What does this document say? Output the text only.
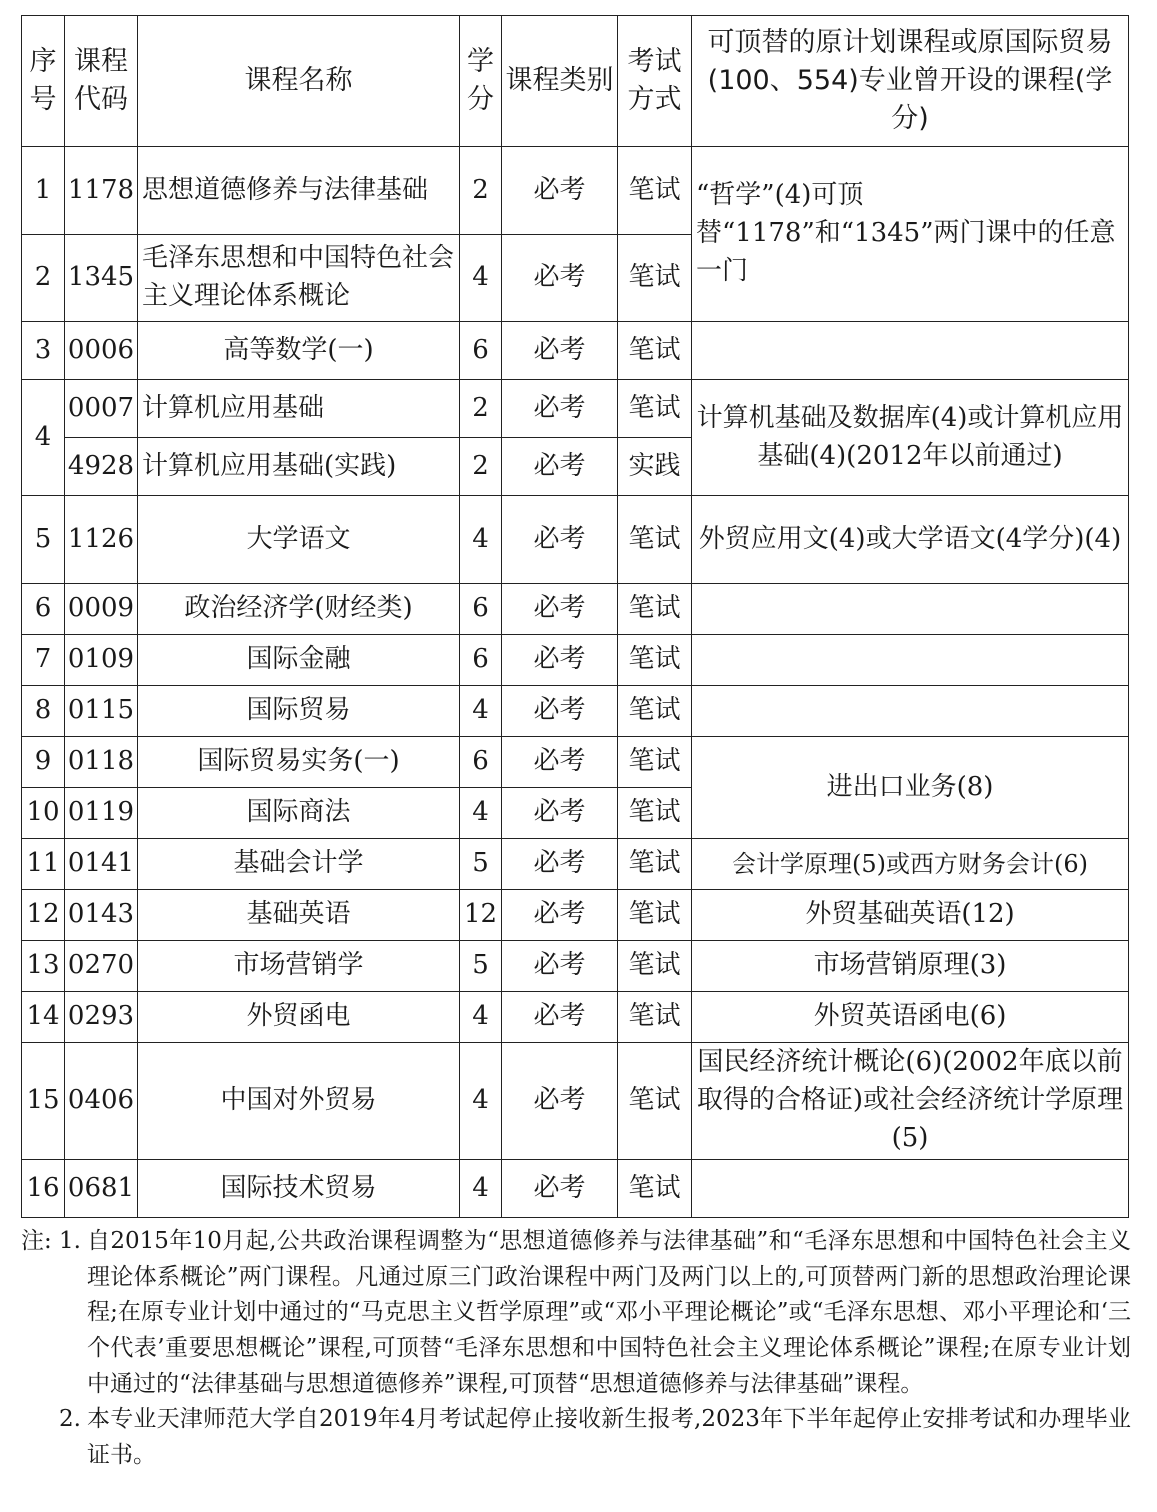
序号	课程代码	课程名称	学分	课程类别	考试方式	可顶替的原计划课程或原国际贸易(100、554)专业曾开设的课程(学分)
1	1178	思想道德修养与法律基础	2	必考	笔试	“哲学”(4)可顶替“1178”和“1345”两门课中的任意一门
2	1345	毛泽东思想和中国特色社会主义理论体系概论	4	必考	笔试	
3	0006	高等数学(一)	6	必考	笔试	
4	0007	计算机应用基础	2	必考	笔试	计算机基础及数据库(4)或计算机应用基础(4)(2012年以前通过)
	4928	计算机应用基础(实践)	2	必考	实践	
5	1126	大学语文	4	必考	笔试	外贸应用文(4)或大学语文(4学分)(4)
6	0009	政治经济学(财经类)	6	必考	笔试	
7	0109	国际金融	6	必考	笔试	
8	0115	国际贸易	4	必考	笔试	
9	0118	国际贸易实务(一)	6	必考	笔试	进出口业务(8)
10	0119	国际商法	4	必考	笔试	
11	0141	基础会计学	5	必考	笔试	会计学原理(5)或西方财务会计(6)
12	0143	基础英语	12	必考	笔试	外贸基础英语(12)
13	0270	市场营销学	5	必考	笔试	市场营销原理(3)
14	0293	外贸函电	4	必考	笔试	外贸英语函电(6)
15	0406	中国对外贸易	4	必考	笔试	国民经济统计概论(6)(2002年底以前取得的合格证)或社会经济统计学原理(5)
16	0681	国际技术贸易	4	必考	笔试	
注: 1. 自2015年10月起,公共政治课程调整为“思想道德修养与法律基础”和“毛泽东思想和中国特色社会主义理论体系概论”两门课程。凡通过原三门政治课程中两门及两门以上的,可顶替两门新的思想政治理论课程;在原专业计划中通过的“马克思主义哲学原理”或“邓小平理论概论”或“毛泽东思想、邓小平理论和‘三个代表’重要思想概论”课程,可顶替“毛泽东思想和中国特色社会主义理论体系概论”课程;在原专业计划中通过的“法律基础与思想道德修养”课程,可顶替“思想道德修养与法律基础”课程。
2. 本专业天津师范大学自2019年4月考试起停止接收新生报考,2023年下半年起停止安排考试和办理毕业证书。
